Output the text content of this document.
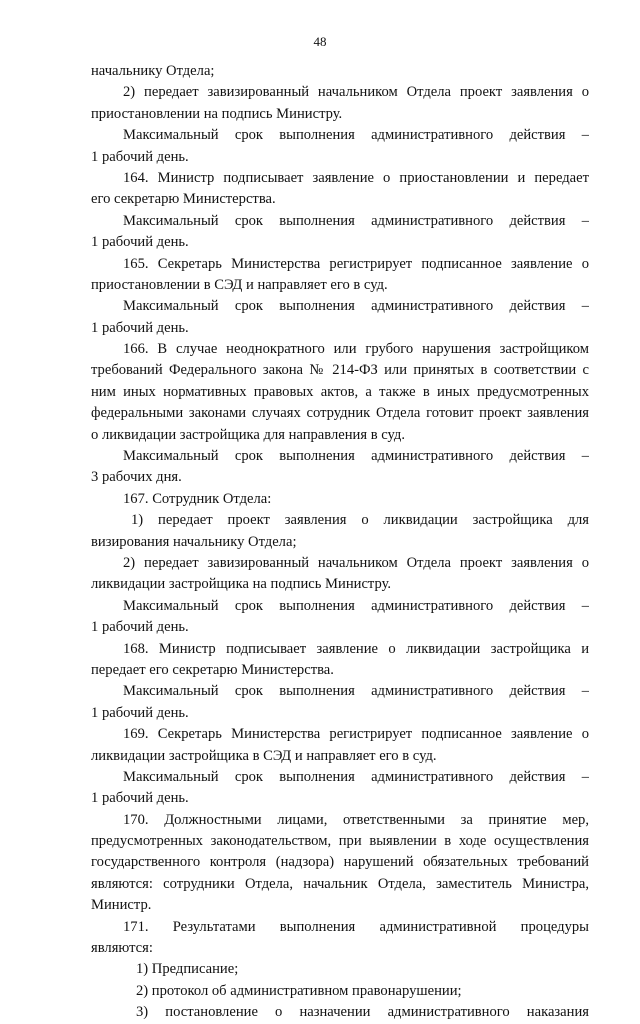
48
начальнику Отдела;
2) передает завизированный начальником Отдела проект заявления о
приостановлении на подпись Министру.
Максимальный срок выполнения административного действия –
1 рабочий день.
164. Министр подписывает заявление о приостановлении и передает
его секретарю Министерства.
Максимальный срок выполнения административного действия –
1 рабочий день.
165. Секретарь Министерства регистрирует подписанное заявление о
приостановлении в СЭД и направляет его в суд.
Максимальный срок выполнения административного действия –
1 рабочий день.
166. В случае неоднократного или грубого нарушения застройщиком
требований Федерального закона № 214-ФЗ или принятых в соответствии с
ним иных нормативных правовых актов, а также в иных предусмотренных
федеральными законами случаях сотрудник Отдела готовит проект заявления
о ликвидации застройщика для направления в суд.
Максимальный срок выполнения административного действия –
3 рабочих дня.
167. Сотрудник Отдела:
1) передает проект заявления о ликвидации застройщика для
визирования начальнику Отдела;
2) передает завизированный начальником Отдела проект заявления о
ликвидации застройщика на подпись Министру.
Максимальный срок выполнения административного действия –
1 рабочий день.
168. Министр подписывает заявление о ликвидации застройщика и
передает его секретарю Министерства.
Максимальный срок выполнения административного действия –
1 рабочий день.
169. Секретарь Министерства регистрирует подписанное заявление о
ликвидации застройщика в СЭД и направляет его в суд.
Максимальный срок выполнения административного действия –
1 рабочий день.
170. Должностными лицами, ответственными за принятие мер,
предусмотренных законодательством, при выявлении в ходе осуществления
государственного контроля (надзора) нарушений обязательных требований
являются: сотрудники Отдела, начальник Отдела, заместитель Министра,
Министр.
171. Результатами выполнения административной процедуры
являются:
1) Предписание;
2) протокол об административном правонарушении;
3) постановление о назначении административного наказания
